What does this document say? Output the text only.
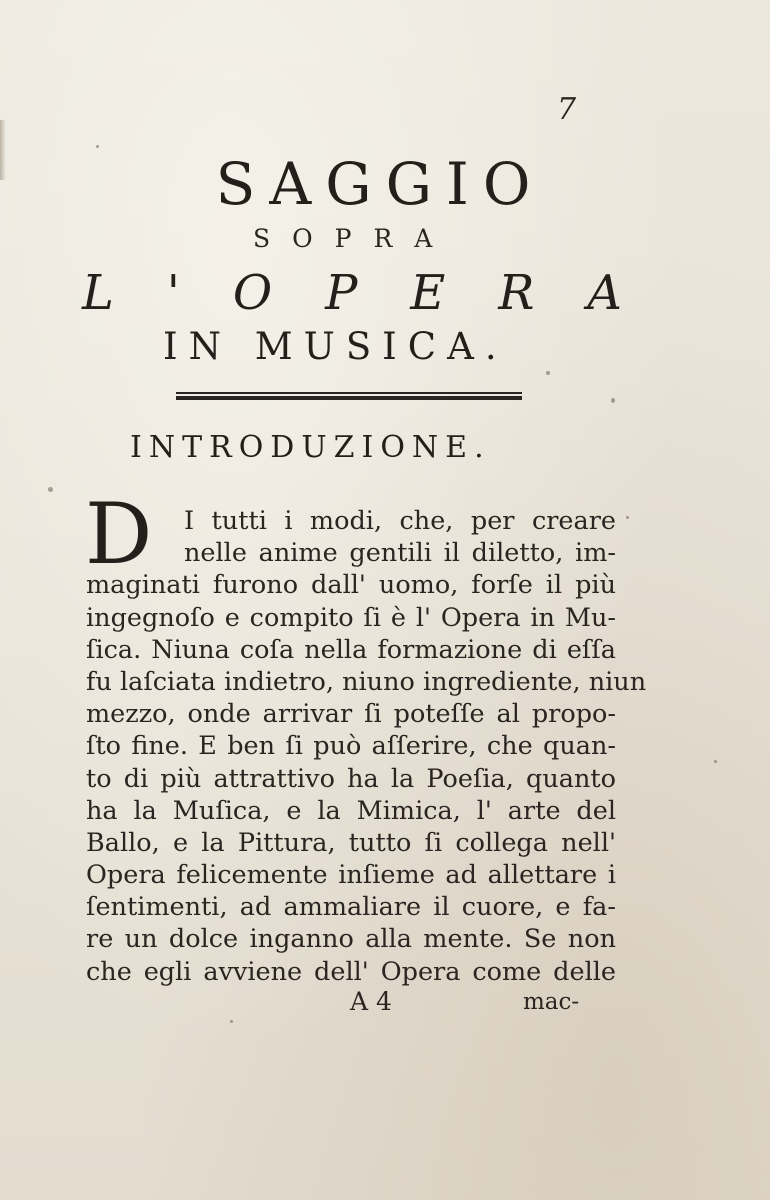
7
SAGGIO
SOPRA
L ' O P E R A
IN MUSICA.
INTRODUZIONE.
D	I tutti i modi, che, per creare
nelle anime gentili il diletto, im-
maginati furono dall' uomo, forſe il più
ingegnoſo e compito ſi è l' Opera in Mu-
ſica. Niuna coſa nella formazione di eſſa
fu laſciata indietro, niuno ingrediente, niun
mezzo, onde arrivar ſi poteſſe al propo-
ſto fine. E ben ſi può aſſerire, che quan-
to di più attrattivo ha la Poeſia, quanto
ha la Muſica, e la Mimica, l' arte del
Ballo, e la Pittura, tutto ſi collega nell'
Opera felicemente inſieme ad allettare i
ſentimenti, ad ammaliare il cuore, e fa-
re un dolce inganno alla mente. Se non
che egli avviene dell' Opera come delle
A 4	mac-
